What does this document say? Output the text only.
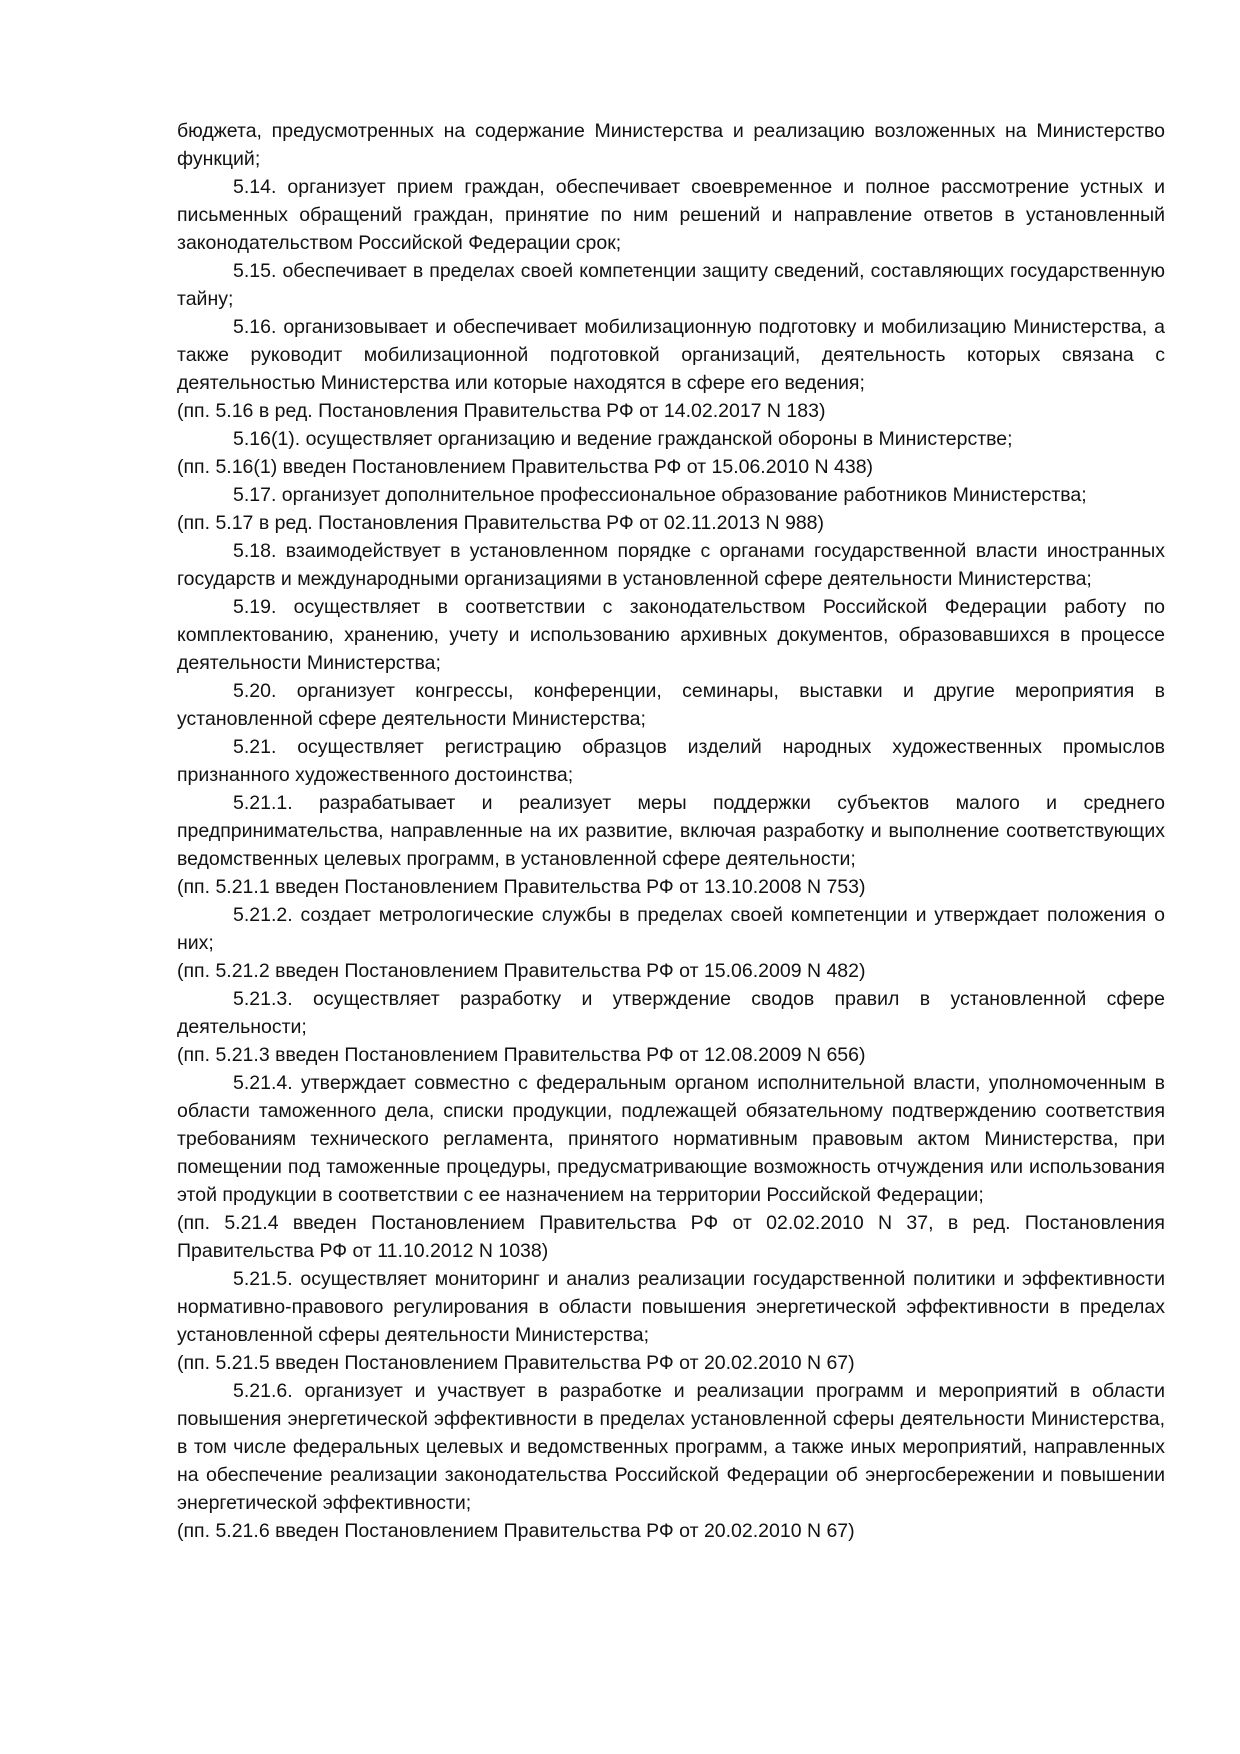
бюджета, предусмотренных на содержание Министерства и реализацию возложенных на Министерство функций;

5.14. организует прием граждан, обеспечивает своевременное и полное рассмотрение устных и письменных обращений граждан, принятие по ним решений и направление ответов в установленный законодательством Российской Федерации срок;

5.15. обеспечивает в пределах своей компетенции защиту сведений, составляющих государственную тайну;

5.16. организовывает и обеспечивает мобилизационную подготовку и мобилизацию Министерства, а также руководит мобилизационной подготовкой организаций, деятельность которых связана с деятельностью Министерства или которые находятся в сфере его ведения;

(пп. 5.16 в ред. Постановления Правительства РФ от 14.02.2017 N 183)

5.16(1). осуществляет организацию и ведение гражданской обороны в Министерстве;

(пп. 5.16(1) введен Постановлением Правительства РФ от 15.06.2010 N 438)

5.17. организует дополнительное профессиональное образование работников Министерства;

(пп. 5.17 в ред. Постановления Правительства РФ от 02.11.2013 N 988)

5.18. взаимодействует в установленном порядке с органами государственной власти иностранных государств и международными организациями в установленной сфере деятельности Министерства;

5.19. осуществляет в соответствии с законодательством Российской Федерации работу по комплектованию, хранению, учету и использованию архивных документов, образовавшихся в процессе деятельности Министерства;

5.20. организует конгрессы, конференции, семинары, выставки и другие мероприятия в установленной сфере деятельности Министерства;

5.21. осуществляет регистрацию образцов изделий народных художественных промыслов признанного художественного достоинства;

5.21.1. разрабатывает и реализует меры поддержки субъектов малого и среднего предпринимательства, направленные на их развитие, включая разработку и выполнение соответствующих ведомственных целевых программ, в установленной сфере деятельности;

(пп. 5.21.1 введен Постановлением Правительства РФ от 13.10.2008 N 753)

5.21.2. создает метрологические службы в пределах своей компетенции и утверждает положения о них;

(пп. 5.21.2 введен Постановлением Правительства РФ от 15.06.2009 N 482)

5.21.3. осуществляет разработку и утверждение сводов правил в установленной сфере деятельности;

(пп. 5.21.3 введен Постановлением Правительства РФ от 12.08.2009 N 656)

5.21.4. утверждает совместно с федеральным органом исполнительной власти, уполномоченным в области таможенного дела, списки продукции, подлежащей обязательному подтверждению соответствия требованиям технического регламента, принятого нормативным правовым актом Министерства, при помещении под таможенные процедуры, предусматривающие возможность отчуждения или использования этой продукции в соответствии с ее назначением на территории Российской Федерации;

(пп. 5.21.4 введен Постановлением Правительства РФ от 02.02.2010 N 37, в ред. Постановления Правительства РФ от 11.10.2012 N 1038)

5.21.5. осуществляет мониторинг и анализ реализации государственной политики и эффективности нормативно-правового регулирования в области повышения энергетической эффективности в пределах установленной сферы деятельности Министерства;

(пп. 5.21.5 введен Постановлением Правительства РФ от 20.02.2010 N 67)

5.21.6. организует и участвует в разработке и реализации программ и мероприятий в области повышения энергетической эффективности в пределах установленной сферы деятельности Министерства, в том числе федеральных целевых и ведомственных программ, а также иных мероприятий, направленных на обеспечение реализации законодательства Российской Федерации об энергосбережении и повышении энергетической эффективности;

(пп. 5.21.6 введен Постановлением Правительства РФ от 20.02.2010 N 67)
